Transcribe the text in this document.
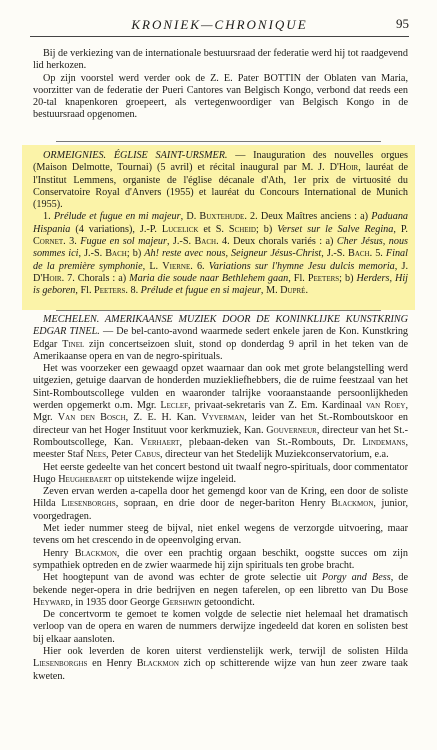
KRONIEK—CHRONIQUE	95

Bij de verkiezing van de internationale bestuursraad der federatie werd hij tot raadgevend lid herkozen.

Op zijn voorstel werd verder ook de Z. E. Pater BOTTIN der Oblaten van Maria, voorzitter van de federatie der Pueri Cantores van Belgisch Kongo, verbond dat reeds een 20-tal knapenkoren groepeert, als vertegenwoordiger van Belgisch Kongo in de bestuursraad opgenomen.

ORMEIGNIES. ÉGLISE SAINT-URSMER. — Inauguration des nouvelles orgues (Maison Delmotte, Tournai) (5 avril) et récital inaugural par M. J. D'Hoir, lauréat de l'Institut Lemmens, organiste de l'église décanale d'Ath, 1er prix de virtuosité du Conservatoire Royal d'Anvers (1955) et lauréat du Concours International de Munich (1955).

1. Prélude et fugue en mi majeur, D. Buxtehude. 2. Deux Maîtres anciens : a) Paduana Hispania (4 variations), J.-P. Lucelick et S. Scheid; b) Verset sur le Salve Regina, P. Cornet. 3. Fugue en sol majeur, J.-S. Bach. 4. Deux chorals variés : a) Cher Jésus, nous sommes ici, J.-S. Bach; b) Ah! reste avec nous, Seigneur Jésus-Christ, J.-S. Bach. 5. Final de la première symphonie, L. Vierne. 6. Variations sur l'hymne Jesu dulcis memoria, J. D'Hoir. 7. Chorals : a) Maria die soude naar Bethlehem gaan, Fl. Peeters; b) Herders, Hij is geboren, Fl. Peeters. 8. Prélude et fugue en si majeur, M. Dupré.

MECHELEN. AMERIKAANSE MUZIEK DOOR DE KONINKLIJKE KUNSTKRING EDGAR TINEL. — De bel-canto-avond waarmede sedert enkele jaren de Kon. Kunstkring Edgar Tinel zijn concertseizoen sluit, stond op donderdag 9 april in het teken van de Amerikaanse opera en van de negro-spirituals.

Het was voorzeker een gewaagd opzet waarnaar dan ook met grote belangstelling werd uitgezien, getuige daarvan de honderden muziekliefhebbers, die de ruime feestzaal van het Sint-Romboutscollege vulden en waaronder talrijke vooraanstaande persoonlijkheden werden opgemerkt o.m. Mgr. Leclef, privaat-sekretaris van Z. Em. Kardinaal van Roey, Mgr. Van den Bosch, Z. E. H. Kan. Vyverman, leider van het St.-Romboutskoor en directeur van het Hoger Instituut voor kerkmuziek, Kan. Gouverneur, directeur van het St.-Romboutscollege, Kan. Verhaert, plebaan-deken van St.-Rombouts, Dr. Lindemans, meester Staf Nees, Peter Cabus, directeur van het Stedelijk Muziekconservatorium, e.a.

Het eerste gedeelte van het concert bestond uit twaalf negro-spirituals, door commentator Hugo Heughebaert op uitstekende wijze ingeleid.

Zeven ervan werden a-capella door het gemengd koor van de Kring, een door de soliste Hilda Liesenborghs, sopraan, en drie door de neger-bariton Henry Blackmon, junior, voorgedragen.

Met ieder nummer steeg de bijval, niet enkel wegens de verzorgde uitvoering, maar tevens om het crescendo in de opeenvolging ervan.

Henry Blackmon, die over een prachtig orgaan beschikt, oogstte succes om zijn sympathiek optreden en de zwier waarmede hij zijn spirituals ten grobe bracht.

Het hoogtepunt van de avond was echter de grote selectie uit Porgy and Bess, de bekende neger-opera in drie bedrijven en negen taferelen, op een libretto van Du Bose Heyward, in 1935 door George Gershwin getoondicht.

De concertvorm te gemoet te komen volgde de selectie niet helemaal het dramatisch verloop van de opera en waren de nummers derwijze ingedeeld dat koren en solisten best bij elkaar aansloten.

Hier ook leverden de koren uiterst verdienstelijk werk, terwijl de solisten Hilda Liesenborghs en Henry Blackmon zich op schitterende wijze van hun zeer zware taak kweten.
